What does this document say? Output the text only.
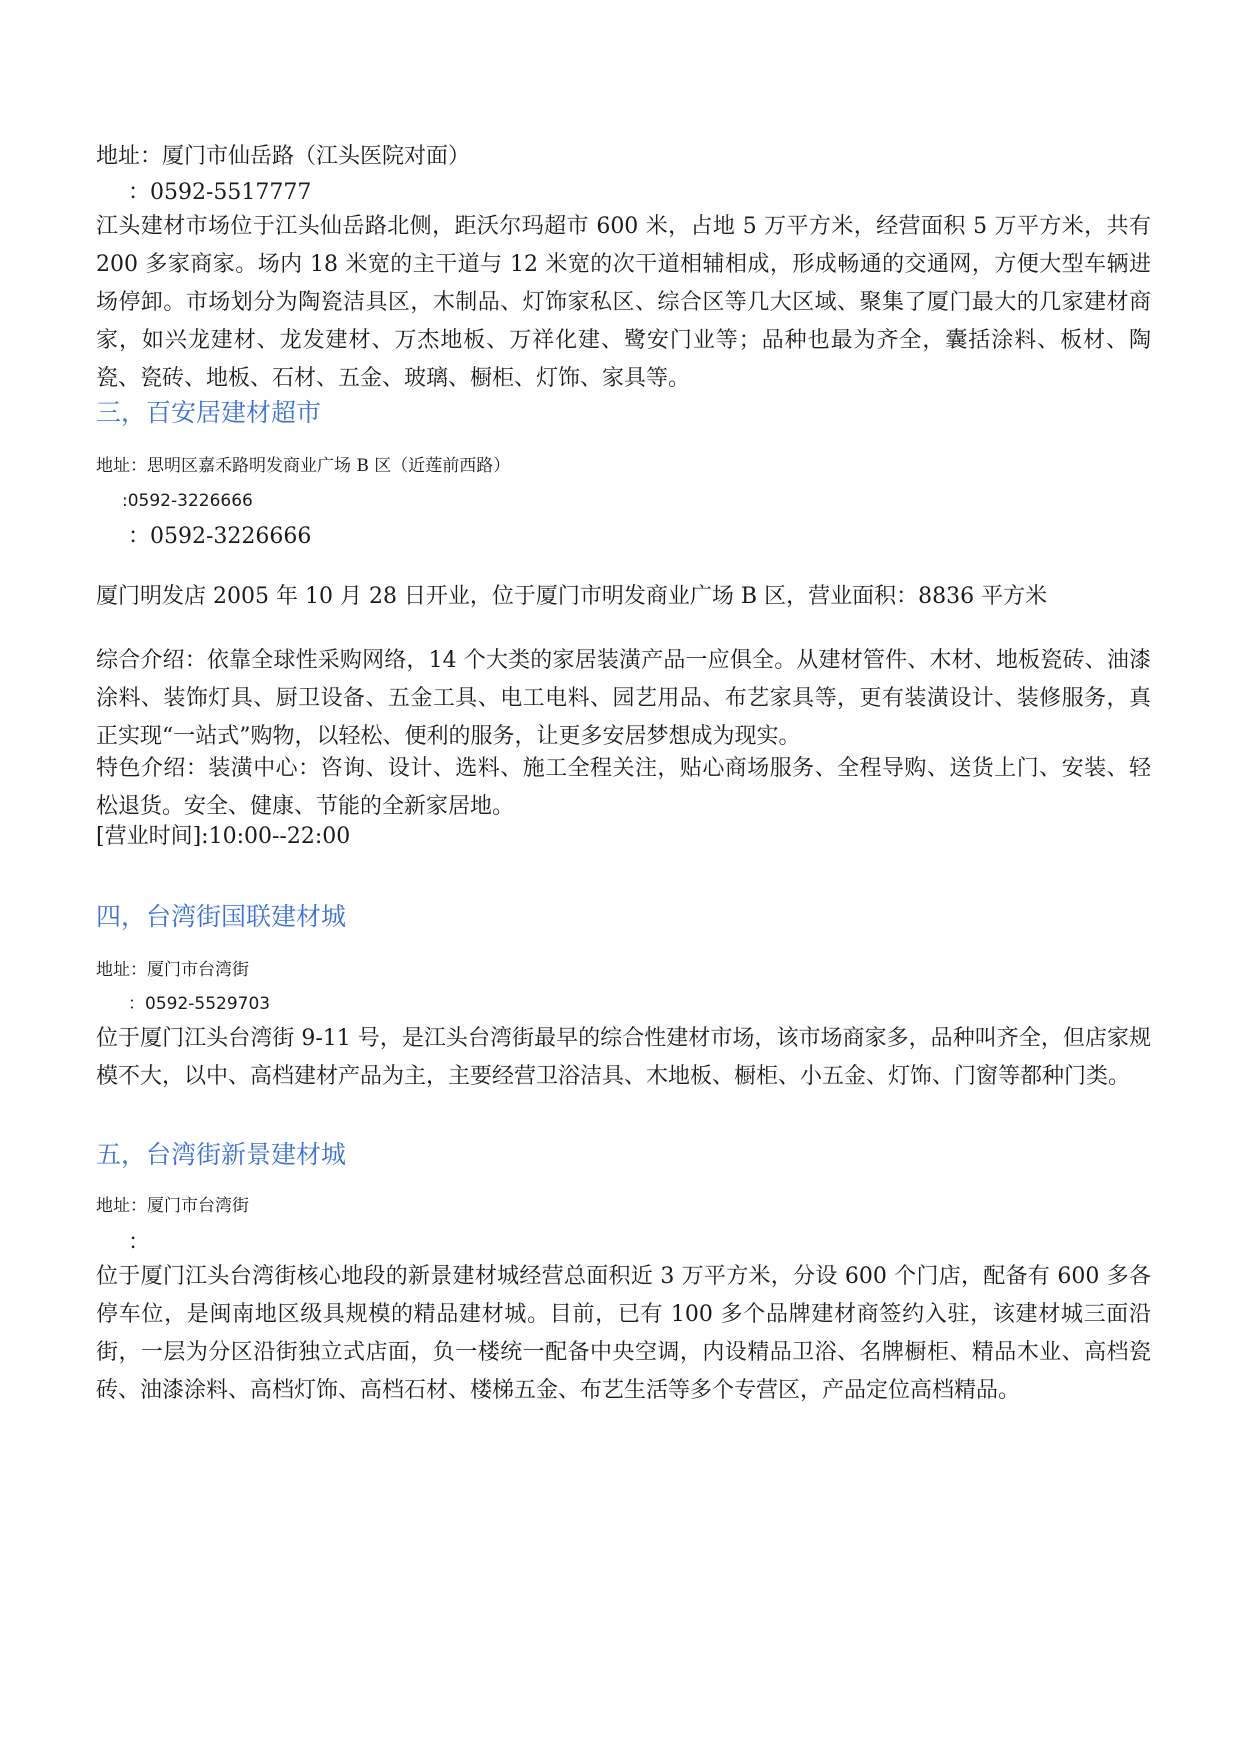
地址：厦门市仙岳路（江头医院对面）
：0592-5517777
江头建材市场位于江头仙岳路北侧，距沃尔玛超市 600 米，占地 5 万平方米，经营面积 5 万平方米，共有 200 多家商家。场内 18 米宽的主干道与 12 米宽的次干道相辅相成，形成畅通的交通网，方便大型车辆进场停卸。市场划分为陶瓷洁具区，木制品、灯饰家私区、综合区等几大区域、聚集了厦门最大的几家建材商家，如兴龙建材、龙发建材、万杰地板、万祥化建、鹭安门业等；品种也最为齐全，囊括涂料、板材、陶瓷、瓷砖、地板、石材、五金、玻璃、橱柜、灯饰、家具等。
三，百安居建材超市
地址：思明区嘉禾路明发商业广场 B 区（近莲前西路）
:0592-3226666
：0592-3226666
厦门明发店 2005 年 10 月 28 日开业，位于厦门市明发商业广场 B 区，营业面积：8836 平方米
综合介绍：依靠全球性采购网络，14 个大类的家居装潢产品一应俱全。从建材管件、木材、地板瓷砖、油漆涂料、装饰灯具、厨卫设备、五金工具、电工电料、园艺用品、布艺家具等，更有装潢设计、装修服务，真正实现“一站式”购物，以轻松、便利的服务，让更多安居梦想成为现实。
特色介绍：装潢中心：咨询、设计、选料、施工全程关注，贴心商场服务、全程导购、送货上门、安装、轻松退货。安全、健康、节能的全新家居地。
[营业时间]:10:00--22:00
四，台湾街国联建材城
地址：厦门市台湾街
：0592-5529703
位于厦门江头台湾街 9-11 号，是江头台湾街最早的综合性建材市场，该市场商家多，品种叫齐全，但店家规模不大，以中、高档建材产品为主，主要经营卫浴洁具、木地板、橱柜、小五金、灯饰、门窗等都种门类。
五，台湾街新景建材城
地址：厦门市台湾街
：
位于厦门江头台湾街核心地段的新景建材城经营总面积近 3 万平方米，分设 600 个门店，配备有 600 多各停车位，是闽南地区级具规模的精品建材城。目前，已有 100 多个品牌建材商签约入驻，该建材城三面沿街，一层为分区沿街独立式店面，负一楼统一配备中央空调，内设精品卫浴、名牌橱柜、精品木业、高档瓷砖、油漆涂料、高档灯饰、高档石材、楼梯五金、布艺生活等多个专营区，产品定位高档精品。
